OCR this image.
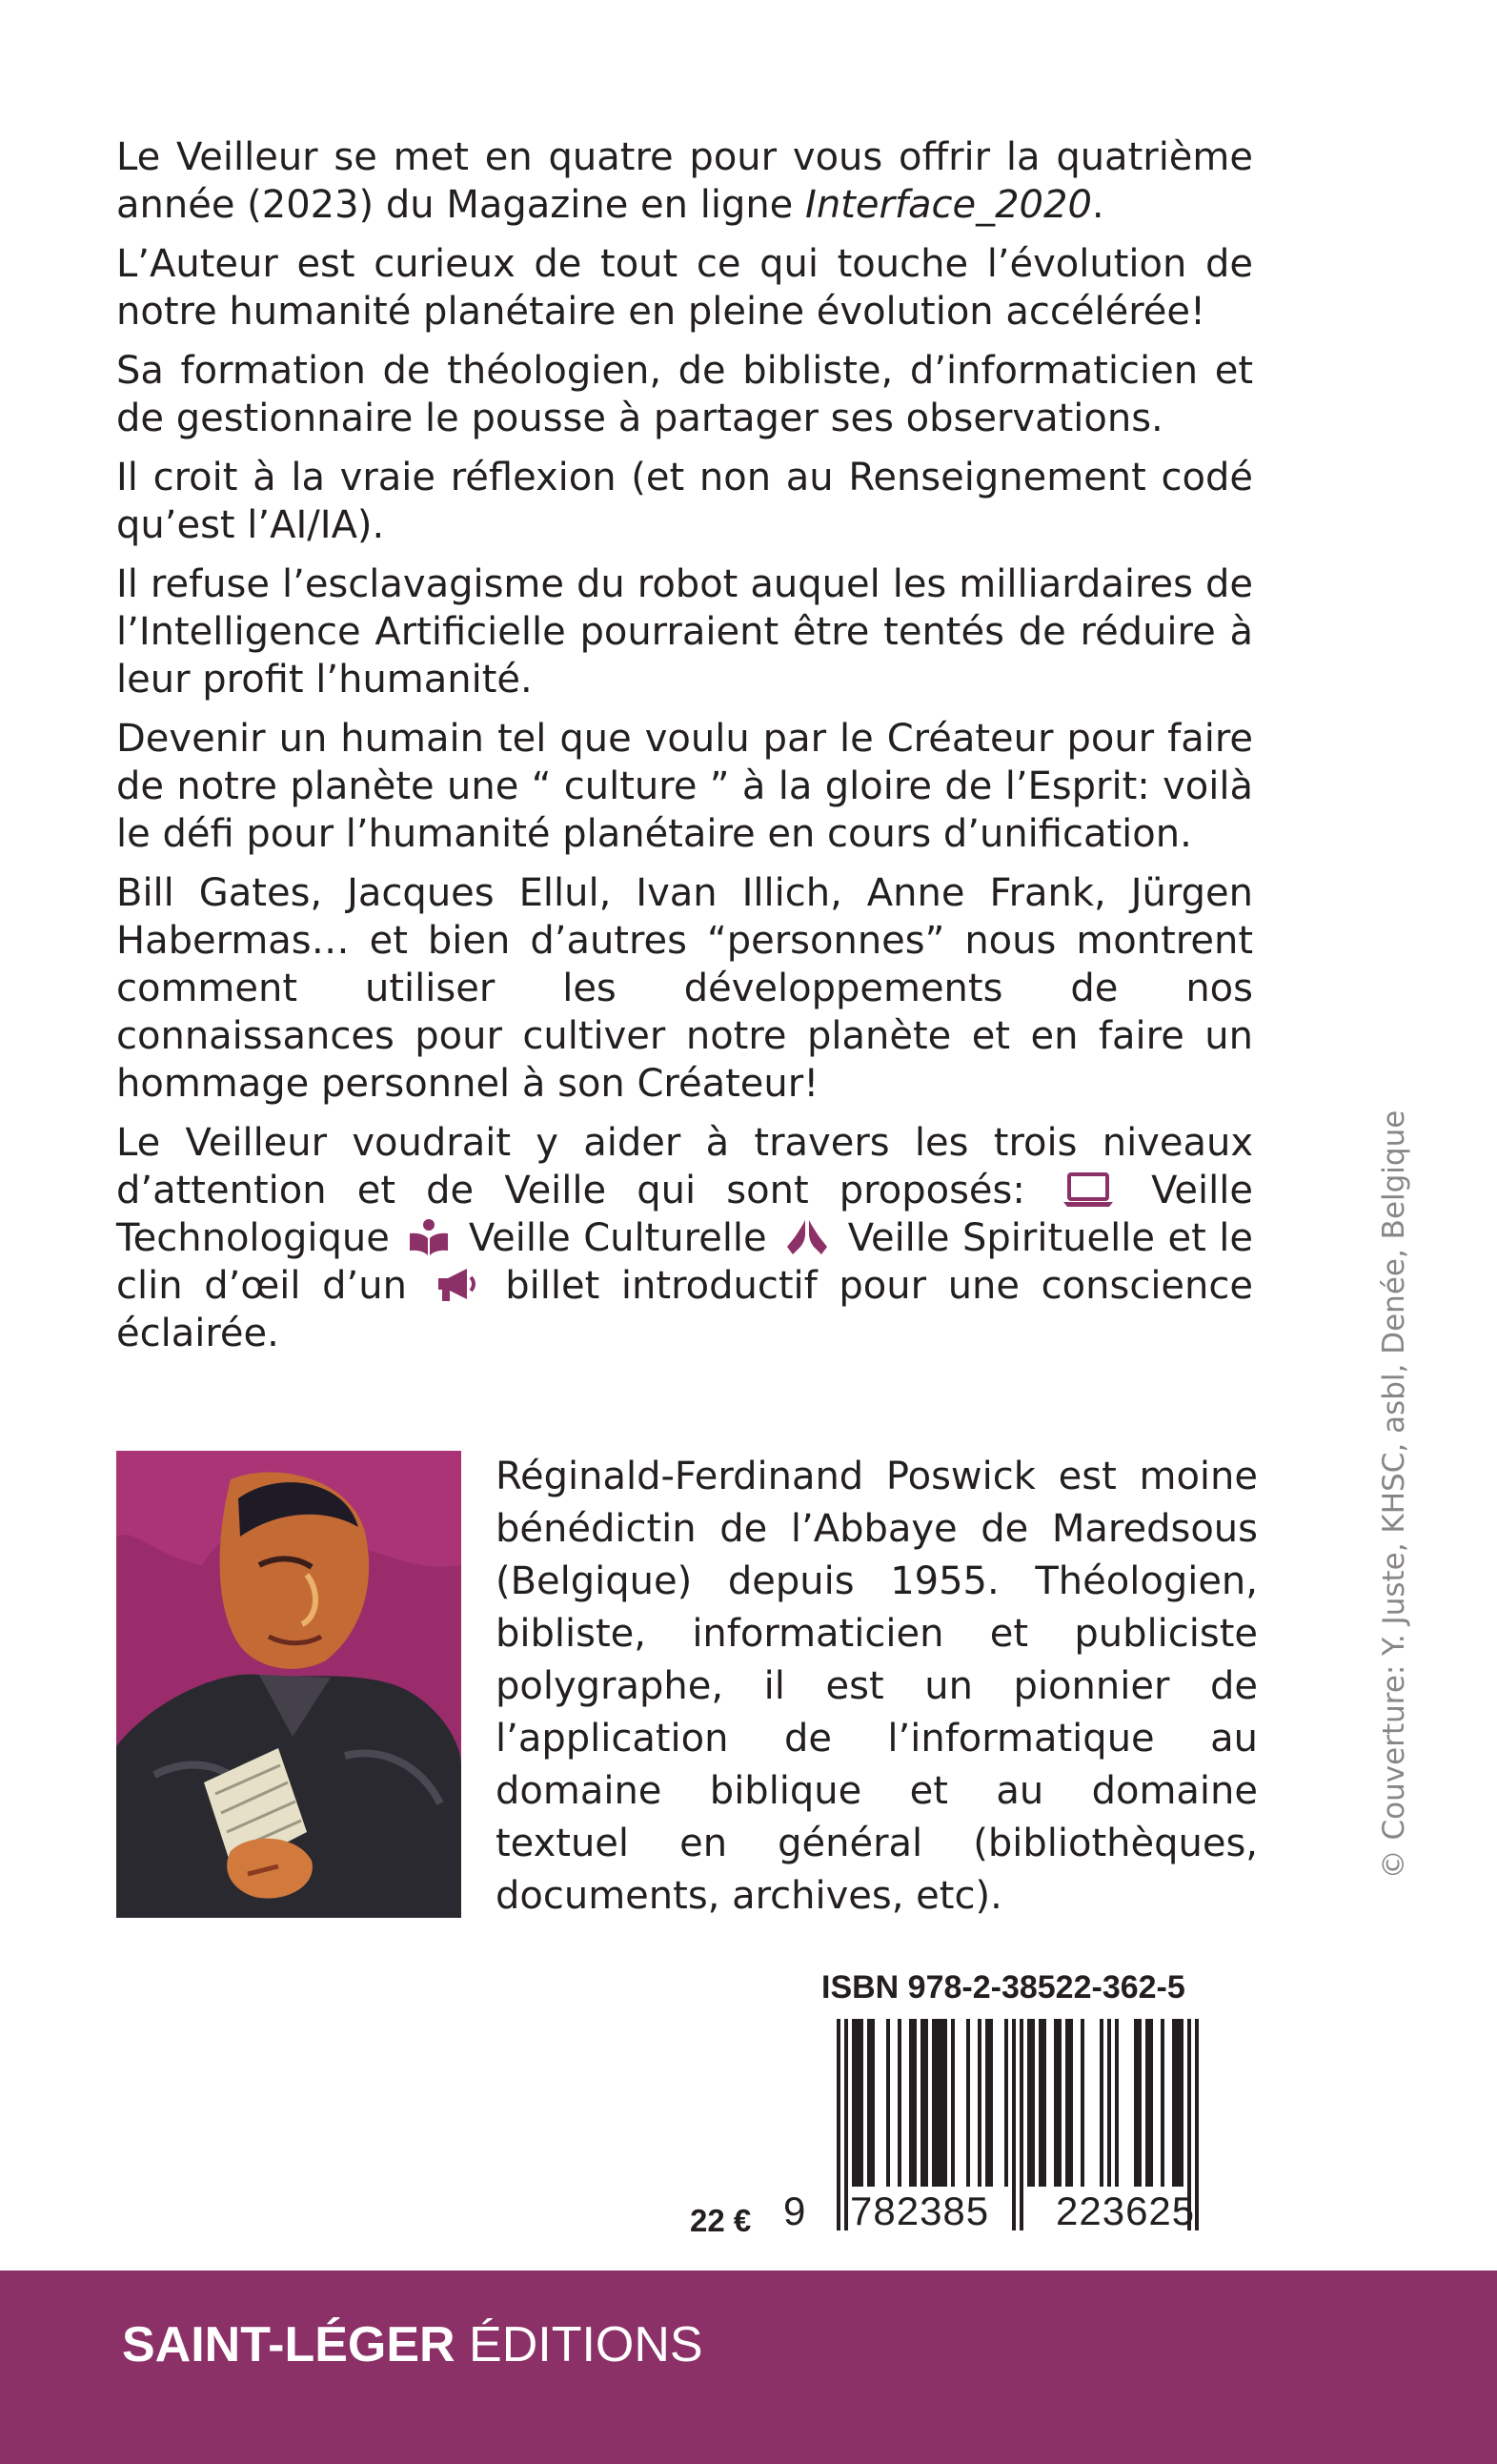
Le Veilleur se met en quatre pour vous offrir la quatrième année (2023) du Magazine en ligne Interface_2020.

L’Auteur est curieux de tout ce qui touche l’évolution de notre humanité planétaire en pleine évolution accélérée!

Sa formation de théologien, de bibliste, d’informaticien et de gestionnaire le pousse à partager ses observations.

Il croit à la vraie réflexion (et non au Renseignement codé qu’est l’AI/IA).

Il refuse l’esclavagisme du robot auquel les milliardaires de l’Intelligence Artificielle pourraient être tentés de réduire à leur profit l’humanité.

Devenir un humain tel que voulu par le Créateur pour faire de notre planète une “ culture ” à la gloire de l’Esprit: voilà le défi pour l’humanité planétaire en cours d’unification.

Bill Gates, Jacques Ellul, Ivan Illich, Anne Frank, Jürgen Habermas… et bien d’autres “personnes” nous montrent comment utiliser les développements de nos connaissances pour cultiver notre planète et en faire un hommage personnel à son Créateur!

Le Veilleur voudrait y aider à travers les trois niveaux d’attention et de Veille qui sont proposés:	Veille Technologique Veille Culturelle Veille Spirituelle et le clin d’œil d’un	billet introductif pour une conscience éclairée.

Réginald-Ferdinand Poswick est moine bénédictin de l’Abbaye de Maredsous (Belgique) depuis 1955. Théologien, bibliste, informaticien et publiciste polygraphe, il est un pionnier de l’application de l’informatique au domaine biblique et au domaine textuel en général (bibliothèques, documents, archives, etc).

© Couverture: Y. Juste, KHSC, asbl, Denée, Belgique
ISBN 978-2-38522-362-5
9 782385 223625
22 €
SAINT-LÉGER ÉDITIONS
